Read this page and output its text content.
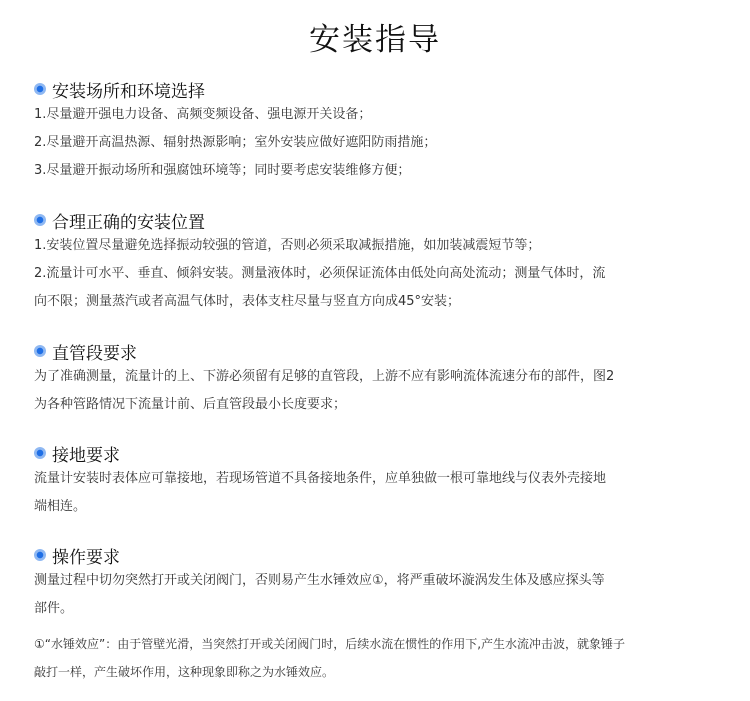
安装指导
安装场所和环境选择
1.尽量避开强电力设备、高频变频设备、强电源开关设备；
2.尽量避开高温热源、辐射热源影响；室外安装应做好遮阳防雨措施；
3.尽量避开振动场所和强腐蚀环境等；同时要考虑安装维修方便；
合理正确的安装位置
1.安装位置尽量避免选择振动较强的管道，否则必须采取减振措施，如加装减震短节等；
2.流量计可水平、垂直、倾斜安装。测量液体时，必须保证流体由低处向高处流动；测量气体时，流
向不限；测量蒸汽或者高温气体时，表体支柱尽量与竖直方向成45°安装；
直管段要求
为了准确测量，流量计的上、下游必须留有足够的直管段，上游不应有影响流体流速分布的部件，图2
为各种管路情况下流量计前、后直管段最小长度要求；
接地要求
流量计安装时表体应可靠接地，若现场管道不具备接地条件，应单独做一根可靠地线与仪表外壳接地
端相连。
操作要求
测量过程中切勿突然打开或关闭阀门，否则易产生水锤效应①，将严重破坏漩涡发生体及感应探头等
部件。
①“水锤效应”：由于管壁光滑，当突然打开或关闭阀门时，后续水流在惯性的作用下,产生水流冲击波，就象锤子
敲打一样，产生破坏作用，这种现象即称之为水锤效应。
